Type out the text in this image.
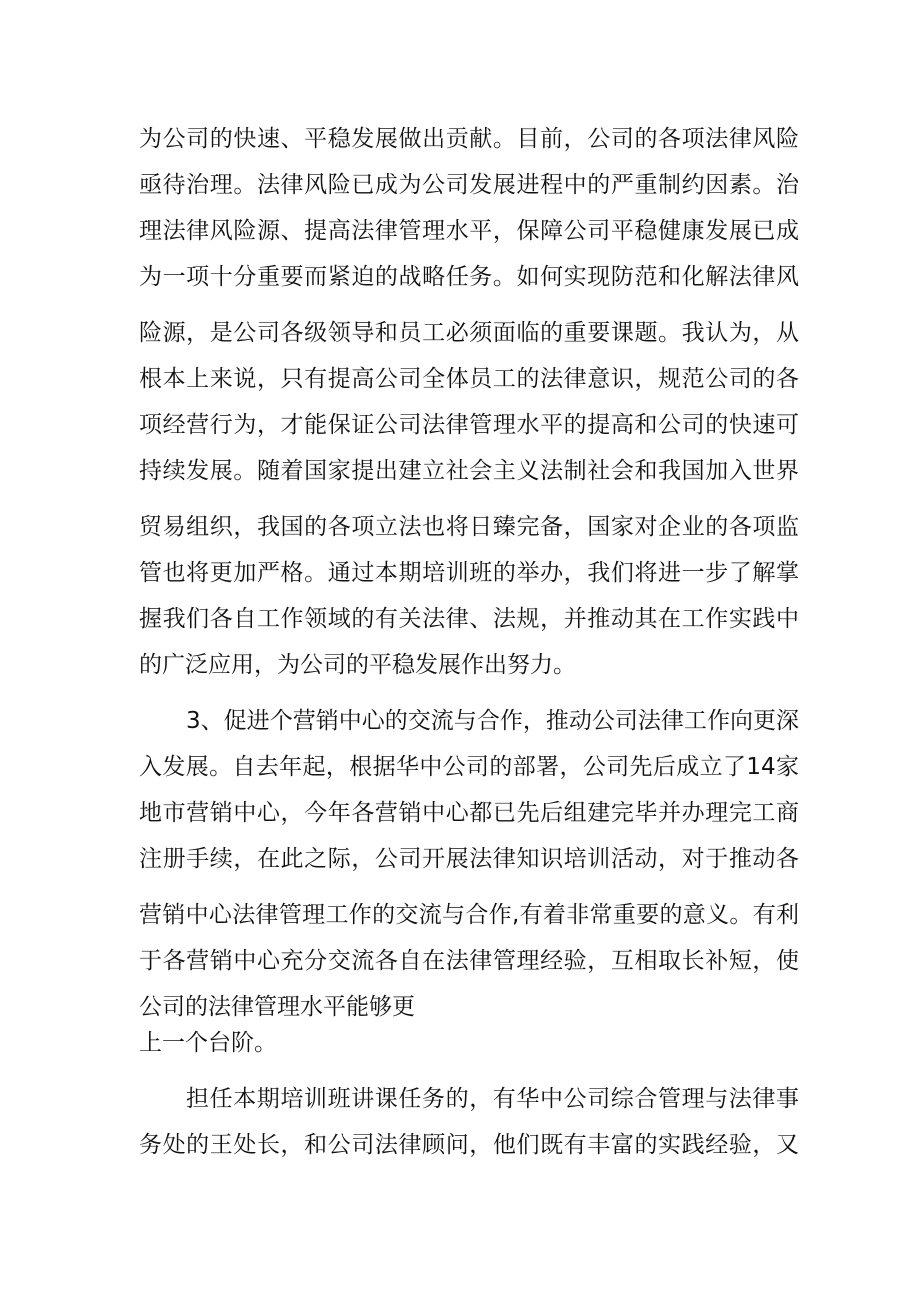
为公司的快速、平稳发展做出贡献。目前，公司的各项法律风险
亟待治理。法律风险已成为公司发展进程中的严重制约因素。治
理法律风险源、提高法律管理水平，保障公司平稳健康发展已成
为一项十分重要而紧迫的战略任务。如何实现防范和化解法律风
险源，是公司各级领导和员工必须面临的重要课题。我认为，从
根本上来说，只有提高公司全体员工的法律意识，规范公司的各
项经营行为，才能保证公司法律管理水平的提高和公司的快速可
持续发展。随着国家提出建立社会主义法制社会和我国加入世界
贸易组织，我国的各项立法也将日臻完备，国家对企业的各项监
管也将更加严格。通过本期培训班的举办，我们将进一步了解掌
握我们各自工作领域的有关法律、法规，并推动其在工作实践中
的广泛应用，为公司的平稳发展作出努力。
3、促进个营销中心的交流与合作，推动公司法律工作向更深
入发展。自去年起，根据华中公司的部署，公司先后成立了14家
地市营销中心，今年各营销中心都已先后组建完毕并办理完工商
注册手续，在此之际，公司开展法律知识培训活动，对于推动各
营销中心法律管理工作的交流与合作,有着非常重要的意义。有利
于各营销中心充分交流各自在法律管理经验，互相取长补短，使
公司的法律管理水平能够更
上一个台阶。
担任本期培训班讲课任务的，有华中公司综合管理与法律事
务处的王处长，和公司法律顾问，他们既有丰富的实践经验，又
